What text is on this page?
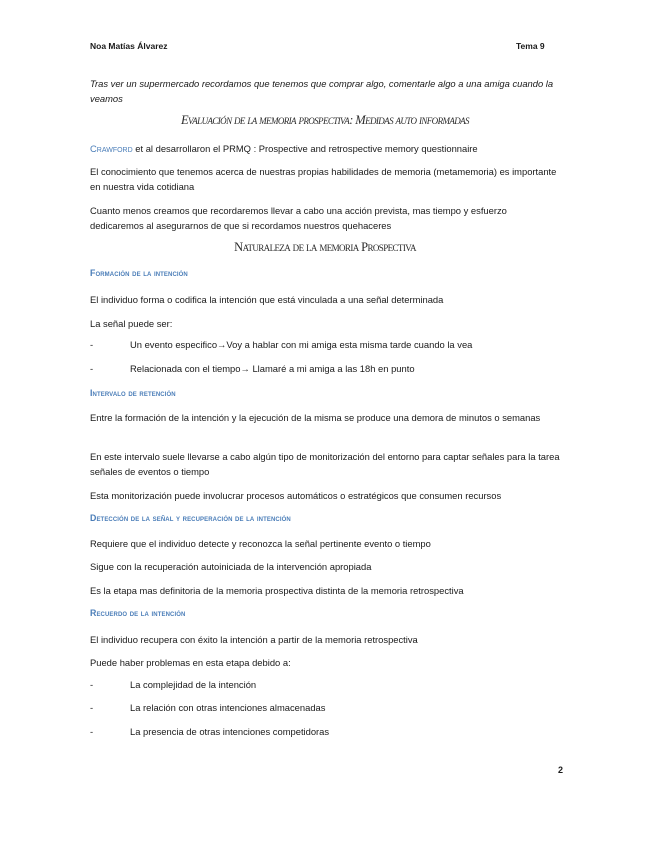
Noa Matías Álvarez	Tema 9

Tras ver un supermercado recordamos que tenemos que comprar algo, comentarle algo a una amiga cuando la veamos

Evaluación de la memoria prospectiva: Medidas auto informadas

Crawford et al desarrollaron el PRMQ : Prospective and retrospective memory questionnaire

El conocimiento que tenemos acerca de nuestras propias habilidades de memoria (metamemoria) es importante en nuestra vida cotidiana

Cuanto menos creamos que recordaremos llevar a cabo una acción prevista, mas tiempo y esfuerzo dedicaremos al asegurarnos de que si recordamos nuestros quehaceres

Naturaleza de la memoria Prospectiva
Formación de la intención

El individuo forma o codifica la intención que está vinculada a una señal determinada

La señal puede ser:

-	Un evento especifico→Voy a hablar con mi amiga esta misma tarde cuando la vea
-	Relacionada con el tiempo→ Llamaré a mi amiga a las 18h en punto
Intervalo de retención

Entre la formación de la intención y la ejecución de la misma se produce una demora de minutos o semanas

En este intervalo suele llevarse a cabo algún tipo de monitorización del entorno para captar señales para la tarea señales de eventos o tiempo

Esta monitorización puede involucrar procesos automáticos o estratégicos que consumen recursos

Detección de la señal y recuperación de la intención

Requiere que el individuo detecte y reconozca la señal pertinente evento o tiempo

Sigue con la recuperación autoiniciada de la intervención apropiada

Es la etapa mas definitoria de la memoria prospectiva distinta de la memoria retrospectiva

Recuerdo de la intención

El individuo recupera con éxito la intención a partir de la memoria retrospectiva

Puede haber problemas en esta etapa debido a:

-	La complejidad de la intención
-	La relación con otras intenciones almacenadas
-	La presencia de otras intenciones competidoras
2
